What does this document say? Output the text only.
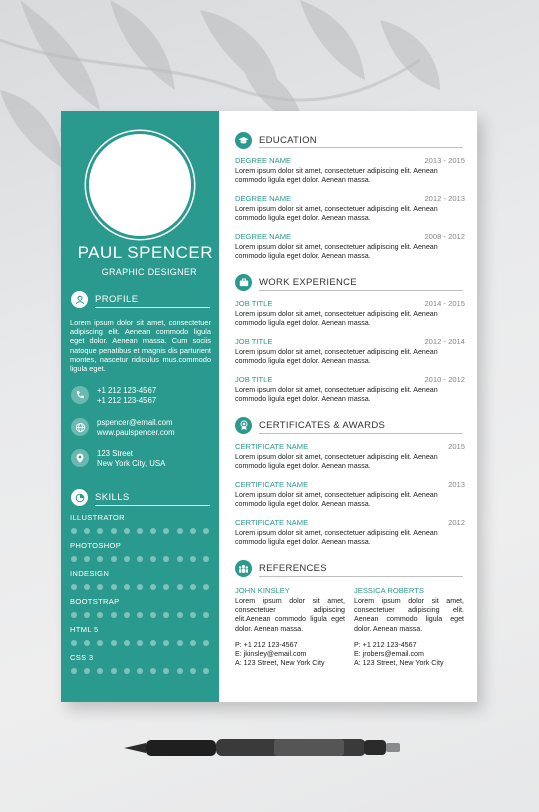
PAUL SPENCER
GRAPHIC DESIGNER
PROFILE
Lorem ipsum dolor sit amet, consectetuer adipiscing elit. Aenean commodo ligula eget dolor. Aenean massa. Cum sociis natoque penatibus et magnis dis parturient montes, nascetur ridiculus mus.commodo ligula eget.
+1 212 123-4567
+1 212 123-4567
pspencer@email.com
www.paulspencer.com
123 Street
New York City, USA
SKILLS
ILLUSTRATOR
PHOTOSHOP
INDESIGN
BOOTSTRAP
HTML 5
CSS 3
EDUCATION
DEGREE NAME	2013 - 2015
Lorem ipsum dolor sit amet, consectetuer adipiscing elit. Aenean
commodo ligula eget dolor. Aenean massa.
DEGREE NAME	2012 - 2013
Lorem ipsum dolor sit amet, consectetuer adipiscing elit. Aenean
commodo ligula eget dolor. Aenean massa.
DEGREE NAME	2008 - 2012
Lorem ipsum dolor sit amet, consectetuer adipiscing elit. Aenean
commodo ligula eget dolor. Aenean massa.
WORK EXPERIENCE
JOB TITLE	2014 - 2015
Lorem ipsum dolor sit amet, consectetuer adipiscing elit. Aenean
commodo ligula eget dolor. Aenean massa.
JOB TITLE	2012 - 2014
Lorem ipsum dolor sit amet, consectetuer adipiscing elit. Aenean
commodo ligula eget dolor. Aenean massa.
JOB TITLE	2010 - 2012
Lorem ipsum dolor sit amet, consectetuer adipiscing elit. Aenean
commodo ligula eget dolor. Aenean massa.
CERTIFICATES & AWARDS
CERTIFICATE NAME	2015
Lorem ipsum dolor sit amet, consectetuer adipiscing elit. Aenean
commodo ligula eget dolor. Aenean massa.
CERTIFICATE NAME	2013
Lorem ipsum dolor sit amet, consectetuer adipiscing elit. Aenean
commodo ligula eget dolor. Aenean massa.
CERTIFICATE NAME	2012
Lorem ipsum dolor sit amet, consectetuer adipiscing elit. Aenean
commodo ligula eget dolor. Aenean massa.
REFERENCES
JOHN KINSLEY
Lorem ipsum dolor sit amet, consectetuer adipiscing elit.Aenean commodo ligula eget dolor. Aenean massa.
P: +1 212 123-4567
E: jkinsley@email.com
A: 123 Street, New York City
JESSICA ROBERTS
Lorem ipsum dolor sit amet, consectetuer adipiscing elit. Aenean commodo ligula eget dolor. Aenean massa.
P: +1 212 123-4567
E: jrobers@email.com
A: 123 Street, New York City
